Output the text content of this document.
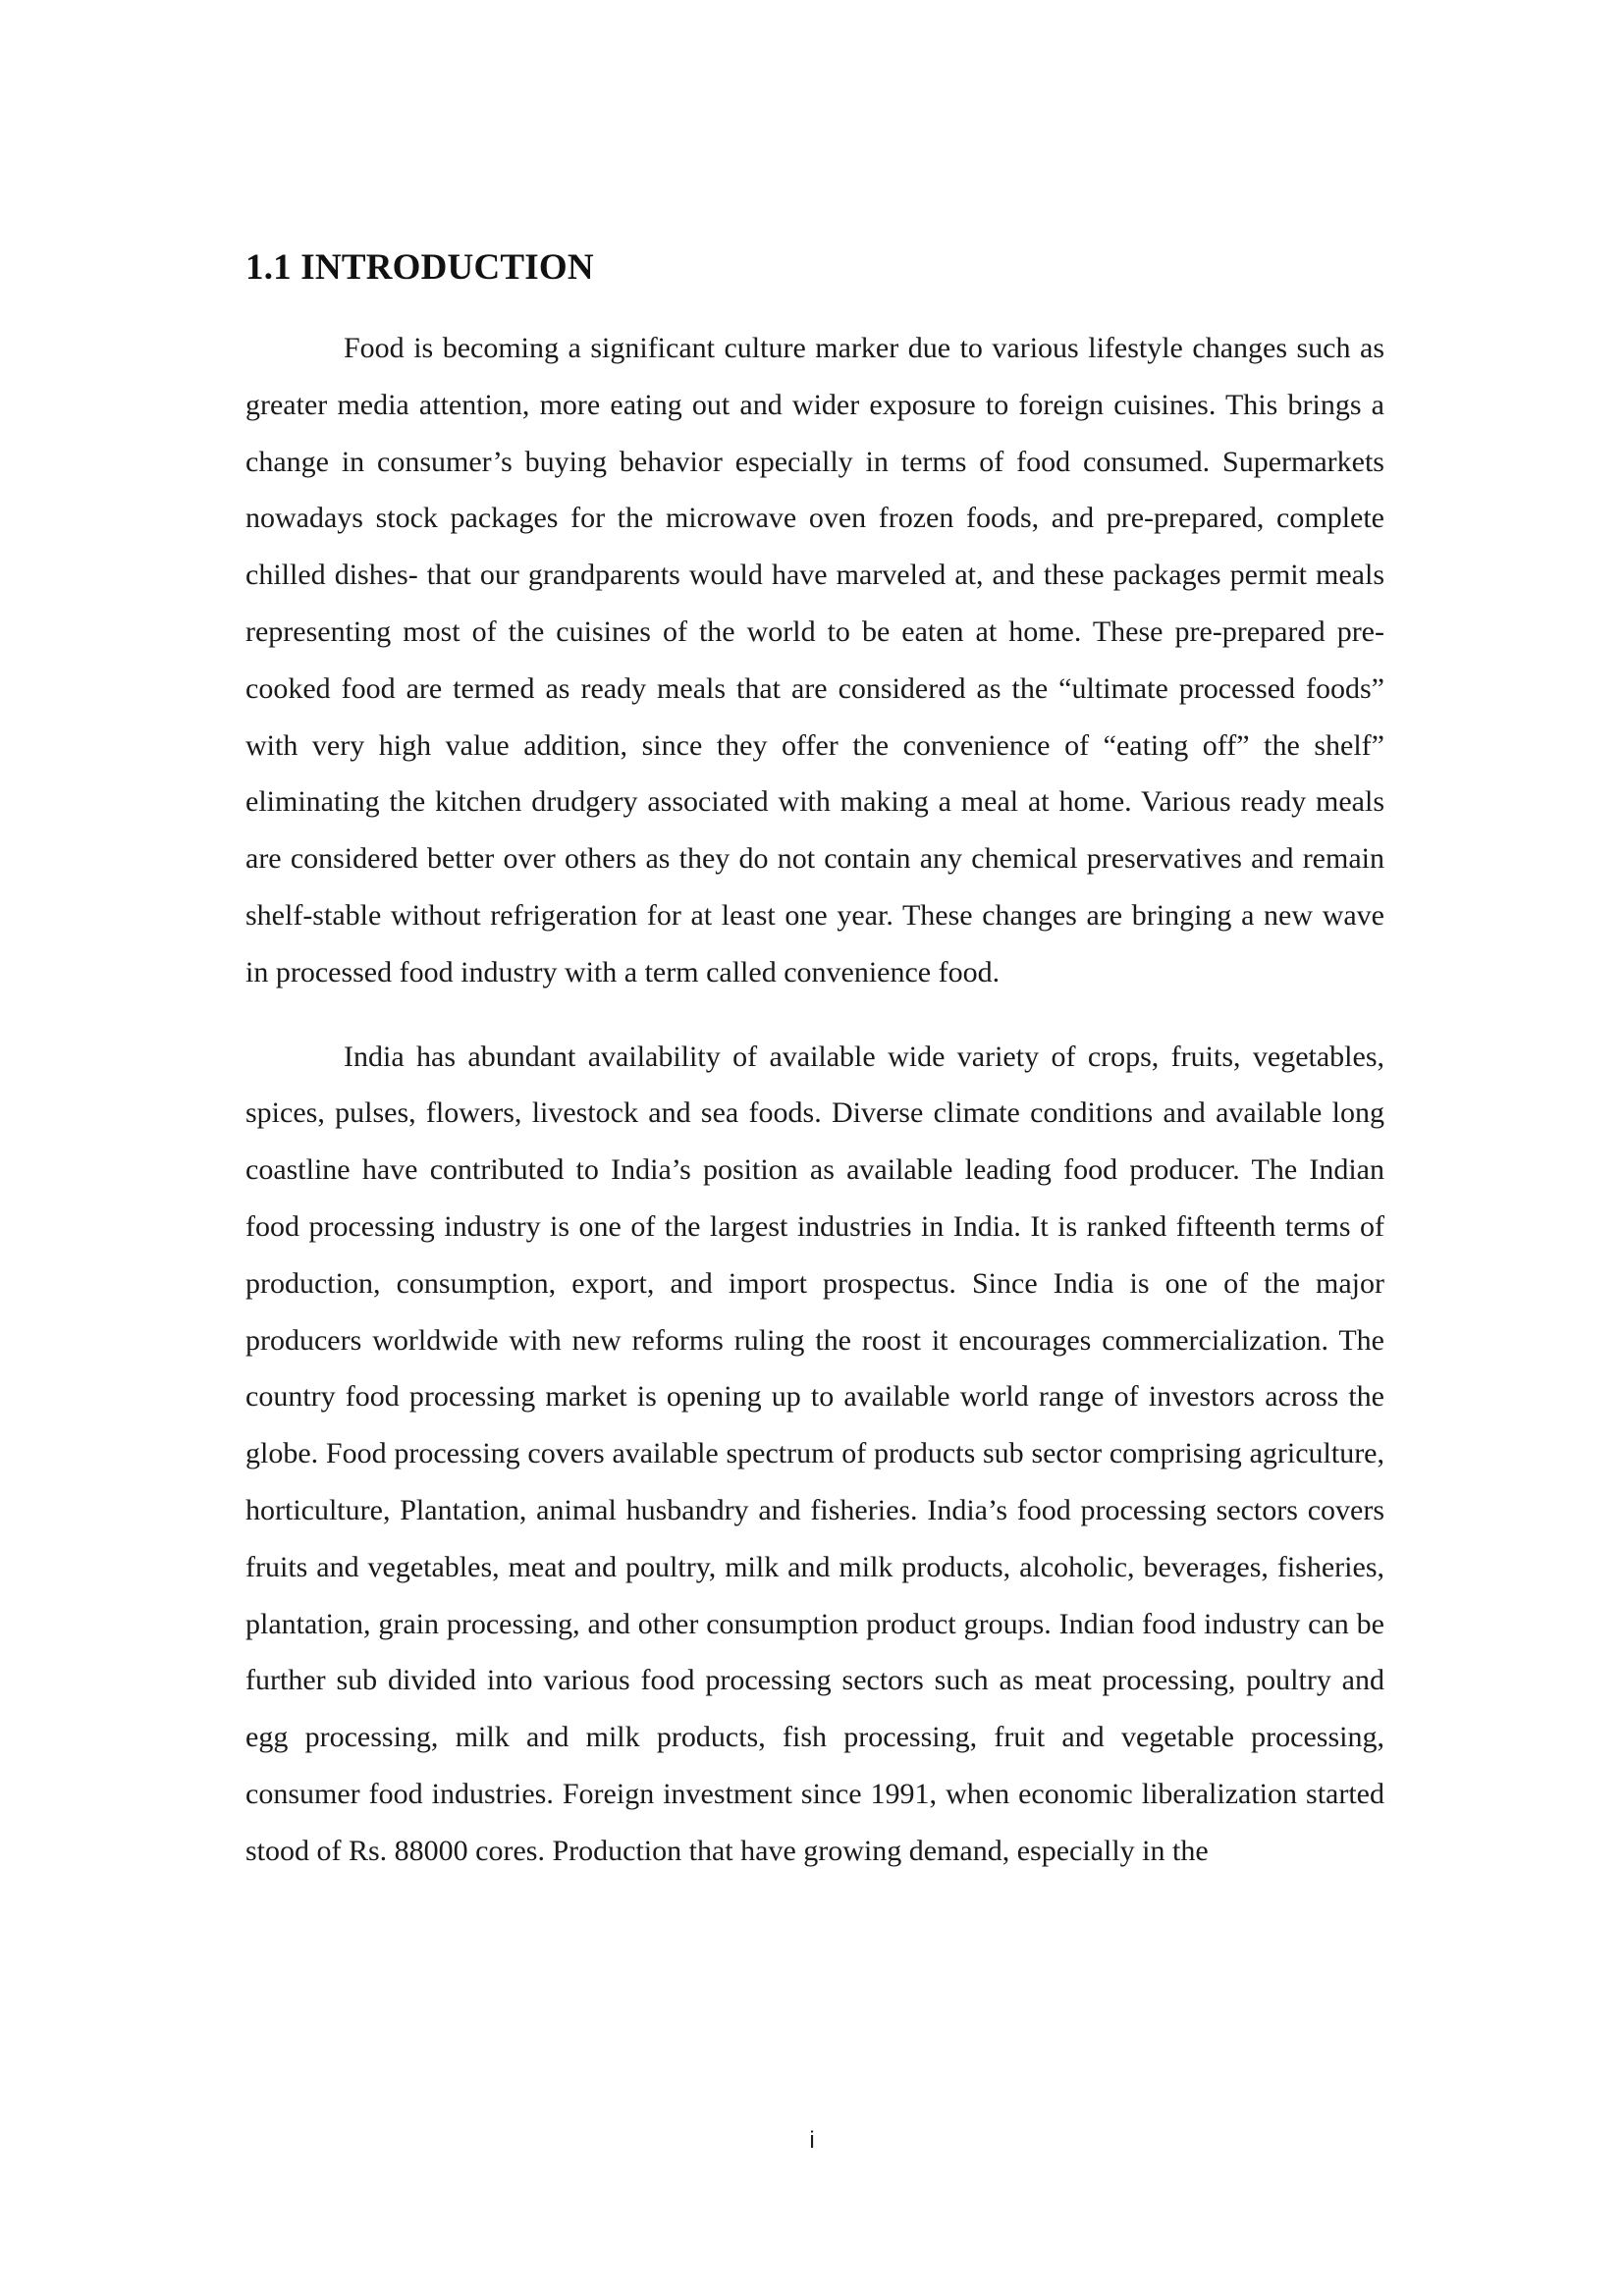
1.1 INTRODUCTION

Food is becoming a significant culture marker due to various lifestyle changes such as greater media attention, more eating out and wider exposure to foreign cuisines. This brings a change in consumer’s buying behavior especially in terms of food consumed. Supermarkets nowadays stock packages for the microwave oven frozen foods, and pre-prepared, complete chilled dishes- that our grandparents would have marveled at, and these packages permit meals representing most of the cuisines of the world to be eaten at home. These pre-prepared pre-cooked food are termed as ready meals that are considered as the “ultimate processed foods” with very high value addition, since they offer the convenience of “eating off” the shelf” eliminating the kitchen drudgery associated with making a meal at home. Various ready meals are considered better over others as they do not contain any chemical preservatives and remain shelf-stable without refrigeration for at least one year. These changes are bringing a new wave in processed food industry with a term called convenience food.

India has abundant availability of available wide variety of crops, fruits, vegetables, spices, pulses, flowers, livestock and sea foods. Diverse climate conditions and available long coastline have contributed to India’s position as available leading food producer. The Indian food processing industry is one of the largest industries in India. It is ranked fifteenth terms of production, consumption, export, and import prospectus. Since India is one of the major producers worldwide with new reforms ruling the roost it encourages commercialization. The country food processing market is opening up to available world range of investors across the globe. Food processing covers available spectrum of products sub sector comprising agriculture, horticulture, Plantation, animal husbandry and fisheries. India’s food processing sectors covers fruits and vegetables, meat and poultry, milk and milk products, alcoholic, beverages, fisheries, plantation, grain processing, and other consumption product groups. Indian food industry can be further sub divided into various food processing sectors such as meat processing, poultry and egg processing, milk and milk products, fish processing, fruit and vegetable processing, consumer food industries. Foreign investment since 1991, when economic liberalization started stood of Rs. 88000 cores. Production that have growing demand, especially in the

i
